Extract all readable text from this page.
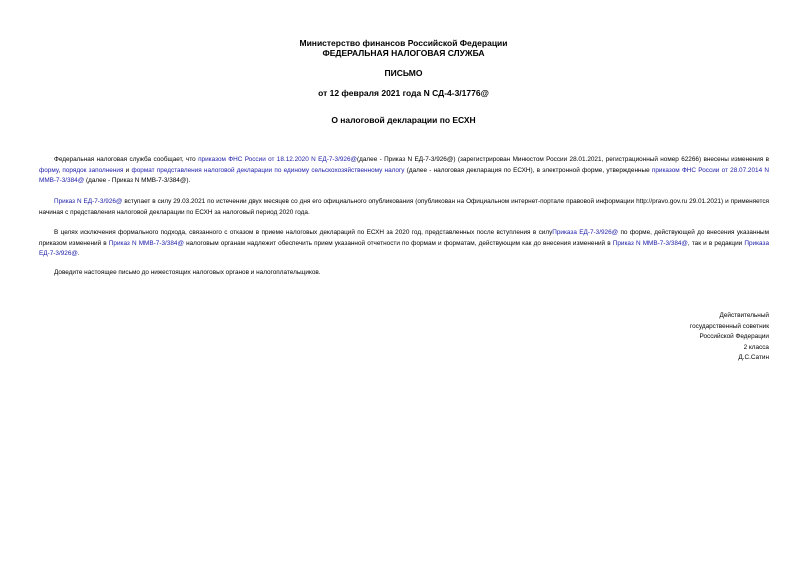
Министерство финансов Российской Федерации
ФЕДЕРАЛЬНАЯ НАЛОГОВАЯ СЛУЖБА
ПИСЬМО
от 12 февраля 2021 года N СД-4-3/1776@
О налоговой декларации по ЕСХН

Федеральная налоговая служба сообщает, что приказом ФНС России от 18.12.2020 N ЕД-7-3/926@(далее - Приказ N ЕД-7-3/926@) (зарегистрирован Минюстом России 28.01.2021, регистрационный номер 62266) внесены изменения в форму, порядок заполнения и формат представления налоговой декларации по единому сельскохозяйственному налогу (далее - налоговая декларация по ЕСХН), в электронной форме, утвержденные приказом ФНС России от 28.07.2014 N ММВ-7-3/384@ (далее - Приказ N ММВ-7-3/384@).

Приказ N ЕД-7-3/926@ вступает в силу 29.03.2021 по истечении двух месяцев со дня его официального опубликования (опубликован на Официальном интернет-портале правовой информации http://pravo.gov.ru 29.01.2021) и применяется начиная с представления налоговой декларации по ЕСХН за налоговый период 2020 года.

В целях исключения формального подхода, связанного с отказом в приеме налоговых деклараций по ЕСХН за 2020 год, представленных после вступления в силуПриказа ЕД-7-3/926@ по форме, действующей до внесения указанным приказом изменений в Приказ N ММВ-7-3/384@ налоговым органам надлежит обеспечить прием указанной отчетности по формам и форматам, действующим как до внесения изменений в Приказ N ММВ-7-3/384@, так и в редакции Приказа ЕД-7-3/926@.

Доведите настоящее письмо до нижестоящих налоговых органов и налогоплательщиков.

Действительный
государственный советник
Российской Федерации
2 класса
Д.С.Сатин
